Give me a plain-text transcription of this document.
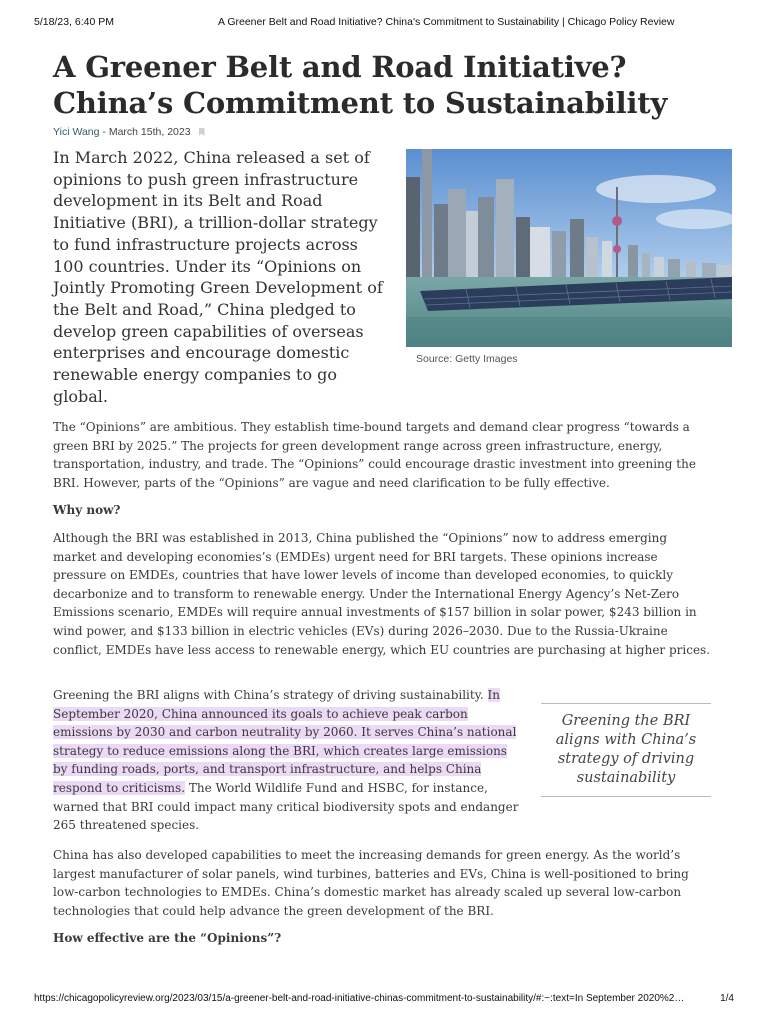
5/18/23, 6:40 PM	A Greener Belt and Road Initiative? China's Commitment to Sustainability | Chicago Policy Review
A Greener Belt and Road Initiative? China’s Commitment to Sustainability
Yici Wang - March 15th, 2023
In March 2022, China released a set of opinions to push green infrastructure development in its Belt and Road Initiative (BRI), a trillion-dollar strategy to fund infrastructure projects across 100 countries. Under its “Opinions on Jointly Promoting Green Development of the Belt and Road,” China pledged to develop green capabilities of overseas enterprises and encourage domestic renewable energy companies to go global.
Source: Getty Images

The “Opinions” are ambitious. They establish time-bound targets and demand clear progress “towards a green BRI by 2025.” The projects for green development range across green infrastructure, energy, transportation, industry, and trade. The “Opinions” could encourage drastic investment into greening the BRI. However, parts of the “Opinions” are vague and need clarification to be fully effective.

Why now?

Although the BRI was established in 2013, China published the “Opinions” now to address emerging market and developing economies’s (EMDEs) urgent need for BRI targets. These opinions increase pressure on EMDEs, countries that have lower levels of income than developed economies, to quickly decarbonize and to transform to renewable energy. Under the International Energy Agency’s Net-Zero Emissions scenario, EMDEs will require annual investments of $157 billion in solar power, $243 billion in wind power, and $133 billion in electric vehicles (EVs) during 2026–2030. Due to the Russia-Ukraine conflict, EMDEs have less access to renewable energy, which EU countries are purchasing at higher prices.

Greening the BRI aligns with China’s strategy of driving sustainability. In September 2020, China announced its goals to achieve peak carbon emissions by 2030 and carbon neutrality by 2060. It serves China’s national strategy to reduce emissions along the BRI, which creates large emissions by funding roads, ports, and transport infrastructure, and helps China respond to criticisms. The World Wildlife Fund and HSBC, for instance, warned that BRI could impact many critical biodiversity spots and endanger 265 threatened species.

Greening the BRI aligns with China’s strategy of driving sustainability

China has also developed capabilities to meet the increasing demands for green energy. As the world’s largest manufacturer of solar panels, wind turbines, batteries and EVs, China is well-positioned to bring low-carbon technologies to EMDEs. China’s domestic market has already scaled up several low-carbon technologies that could help advance the green development of the BRI.

How effective are the “Opinions”?
https://chicagopolicyreview.org/2023/03/15/a-greener-belt-and-road-initiative-chinas-commitment-to-sustainability/#:~:text=In September 2020%2…	1/4
